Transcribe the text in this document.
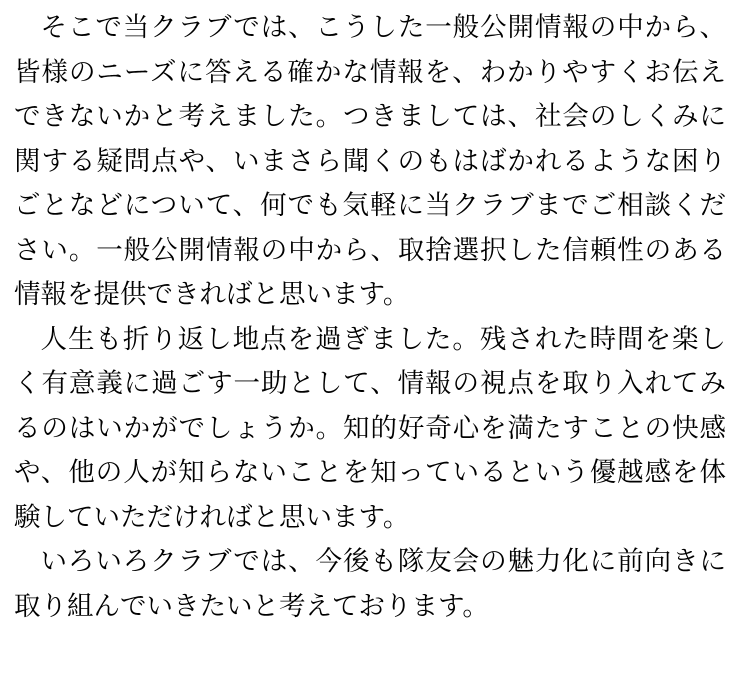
そこで当クラブでは、こうした一般公開情報の中から、皆様のニーズに答える確かな情報を、わかりやすくお伝えできないかと考えました。つきましては、社会のしくみに関する疑問点や、いまさら聞くのもはばかれるような困りごとなどについて、何でも気軽に当クラブまでご相談ください。一般公開情報の中から、取捨選択した信頼性のある情報を提供できればと思います。

人生も折り返し地点を過ぎました。残された時間を楽しく有意義に過ごす一助として、情報の視点を取り入れてみるのはいかがでしょうか。知的好奇心を満たすことの快感や、他の人が知らないことを知っているという優越感を体験していただければと思います。

いろいろクラブでは、今後も隊友会の魅力化に前向きに取り組んでいきたいと考えております。
